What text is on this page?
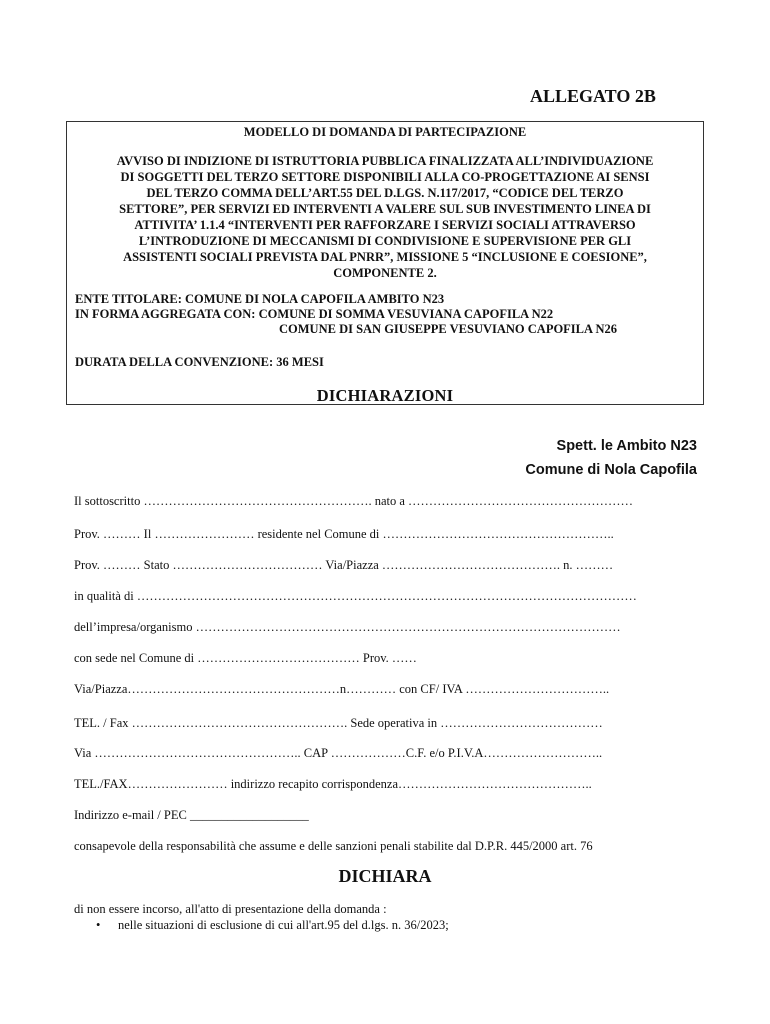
ALLEGATO 2B
MODELLO DI DOMANDA DI PARTECIPAZIONE
AVVISO DI INDIZIONE DI ISTRUTTORIA PUBBLICA FINALIZZATA ALL’INDIVIDUAZIONE
DI SOGGETTI DEL TERZO SETTORE DISPONIBILI ALLA CO-PROGETTAZIONE AI SENSI
DEL TERZO COMMA DELL’ART.55 DEL D.LGS. N.117/2017, “CODICE DEL TERZO
SETTORE”, PER SERVIZI ED INTERVENTI A VALERE SUL SUB INVESTIMENTO LINEA DI
ATTIVITA’ 1.1.4 “INTERVENTI PER RAFFORZARE I SERVIZI SOCIALI ATTRAVERSO
L’INTRODUZIONE DI MECCANISMI DI CONDIVISIONE E SUPERVISIONE PER GLI
ASSISTENTI SOCIALI PREVISTA DAL PNRR”, MISSIONE 5 “INCLUSIONE E COESIONE”,
COMPONENTE 2.
ENTE TITOLARE: COMUNE DI NOLA CAPOFILA AMBITO N23
IN FORMA AGGREGATA CON: COMUNE DI SOMMA VESUVIANA CAPOFILA N22
COMUNE DI SAN GIUSEPPE VESUVIANO CAPOFILA N26
DURATA DELLA CONVENZIONE: 36 MESI
DICHIARAZIONI
Spett. le Ambito N23
Comune di Nola Capofila
Il sottoscritto ………………………………………………. nato a ………………………………………………
Prov. ……… Il …………………… residente nel Comune di ………………………………………………..
Prov. ……… Stato ……………………………… Via/Piazza ……………………………………. n. ………
in qualità di …………………………………………………………………………………………………………
dell’impresa/organismo …………………………………………………………………………………………
con sede nel Comune di ………………………………… Prov. ……
Via/Piazza……………………………………………n………… con CF/ IVA ……………………………..
TEL. / Fax ……………………………………………. Sede operativa in …………………………………
Via ………………………………………….. CAP ………………C.F. e/o P.I.V.A………………………..
TEL./FAX…………………… indirizzo recapito corrispondenza………………………………………..
Indirizzo e-mail / PEC ___________________
consapevole della responsabilità che assume e delle sanzioni penali stabilite dal D.P.R. 445/2000 art. 76
DICHIARA
di non essere incorso, all'atto di presentazione della domanda :
• nelle situazioni di esclusione di cui all'art.95 del d.lgs. n. 36/2023;
